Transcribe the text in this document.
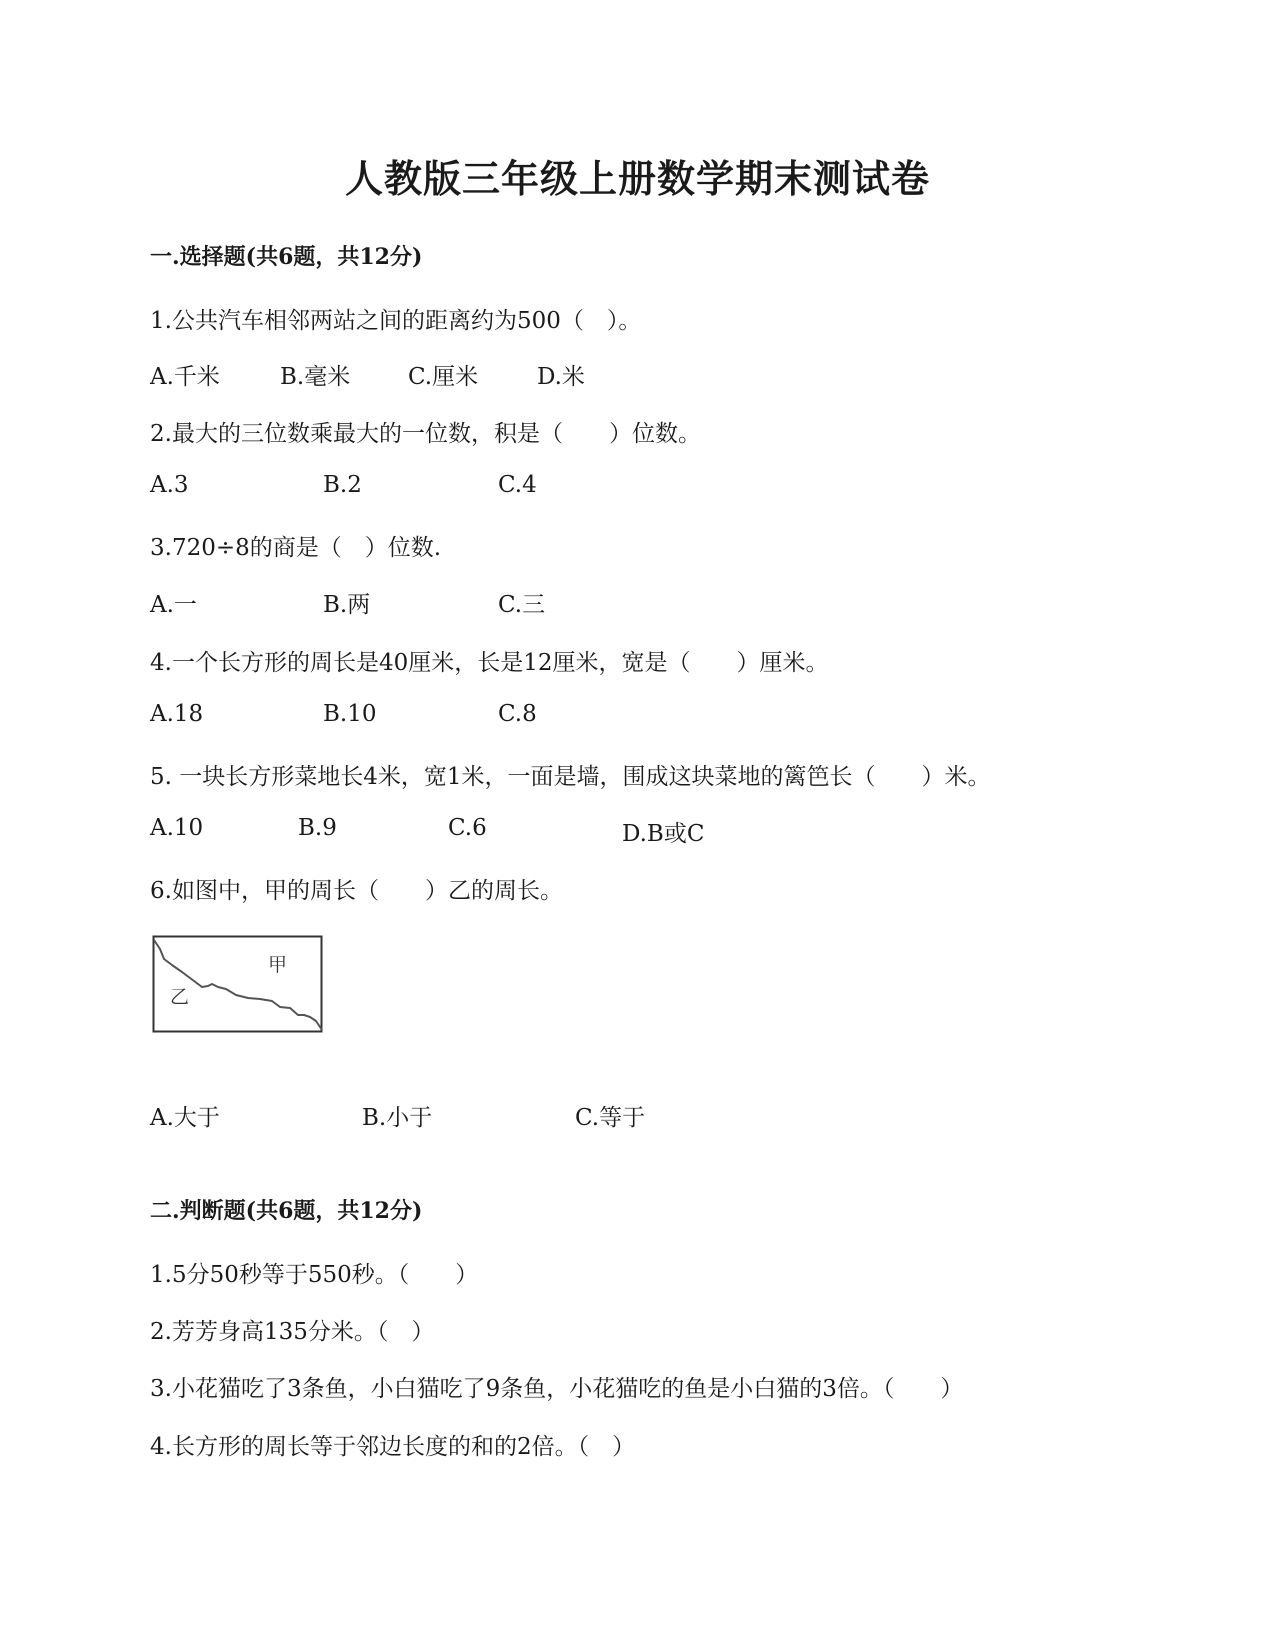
人教版三年级上册数学期末测试卷
一.选择题(共6题，共12分)
1.公共汽车相邻两站之间的距离约为500（　）。
A.千米	B.毫米	C.厘米	D.米
2.最大的三位数乘最大的一位数，积是（　　）位数。
A.3	B.2	C.4
3.720÷8的商是（　）位数.
A.一	B.两	C.三
4.一个长方形的周长是40厘米，长是12厘米，宽是（　　）厘米。
A.18	B.10	C.8
5. 一块长方形菜地长4米，宽1米，一面是墙，围成这块菜地的篱笆长（　　）米。
A.10	B.9	C.6	D.B或C
6.如图中，甲的周长（　　）乙的周长。
甲
乙
A.大于	B.小于	C.等于
二.判断题(共6题，共12分)
1.5分50秒等于550秒。（　　）
2.芳芳身高135分米。（　）
3.小花猫吃了3条鱼，小白猫吃了9条鱼，小花猫吃的鱼是小白猫的3倍。（　　）
4.长方形的周长等于邻边长度的和的2倍。（　）
